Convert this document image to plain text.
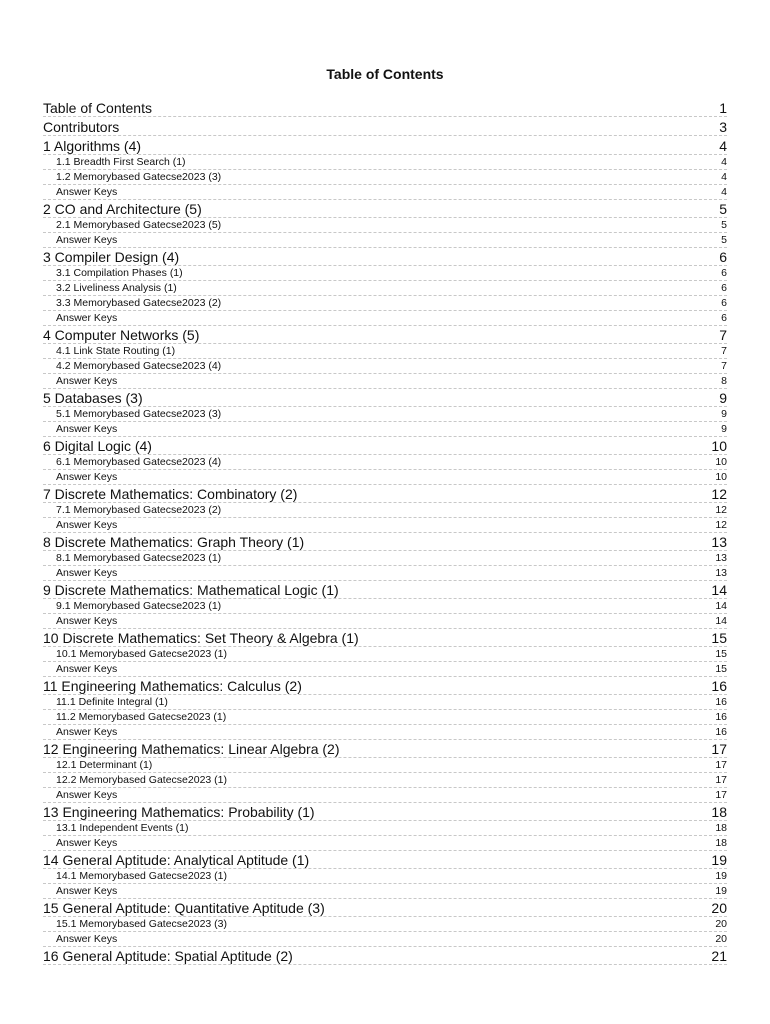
Table of Contents
Table of Contents	1
Contributors	3
1 Algorithms (4)	4
1.1 Breadth First Search (1)	4
1.2 Memorybased Gatecse2023 (3)	4
Answer Keys	4
2 CO and Architecture (5)	5
2.1 Memorybased Gatecse2023 (5)	5
Answer Keys	5
3 Compiler Design (4)	6
3.1 Compilation Phases (1)	6
3.2 Liveliness Analysis (1)	6
3.3 Memorybased Gatecse2023 (2)	6
Answer Keys	6
4 Computer Networks (5)	7
4.1 Link State Routing (1)	7
4.2 Memorybased Gatecse2023 (4)	7
Answer Keys	8
5 Databases (3)	9
5.1 Memorybased Gatecse2023 (3)	9
Answer Keys	9
6 Digital Logic (4)	10
6.1 Memorybased Gatecse2023 (4)	10
Answer Keys	10
7 Discrete Mathematics: Combinatory (2)	12
7.1 Memorybased Gatecse2023 (2)	12
Answer Keys	12
8 Discrete Mathematics: Graph Theory (1)	13
8.1 Memorybased Gatecse2023 (1)	13
Answer Keys	13
9 Discrete Mathematics: Mathematical Logic (1)	14
9.1 Memorybased Gatecse2023 (1)	14
Answer Keys	14
10 Discrete Mathematics: Set Theory & Algebra (1)	15
10.1 Memorybased Gatecse2023 (1)	15
Answer Keys	15
11 Engineering Mathematics: Calculus (2)	16
11.1 Definite Integral (1)	16
11.2 Memorybased Gatecse2023 (1)	16
Answer Keys	16
12 Engineering Mathematics: Linear Algebra (2)	17
12.1 Determinant (1)	17
12.2 Memorybased Gatecse2023 (1)	17
Answer Keys	17
13 Engineering Mathematics: Probability (1)	18
13.1 Independent Events (1)	18
Answer Keys	18
14 General Aptitude: Analytical Aptitude (1)	19
14.1 Memorybased Gatecse2023 (1)	19
Answer Keys	19
15 General Aptitude: Quantitative Aptitude (3)	20
15.1 Memorybased Gatecse2023 (3)	20
Answer Keys	20
16 General Aptitude: Spatial Aptitude (2)	21
